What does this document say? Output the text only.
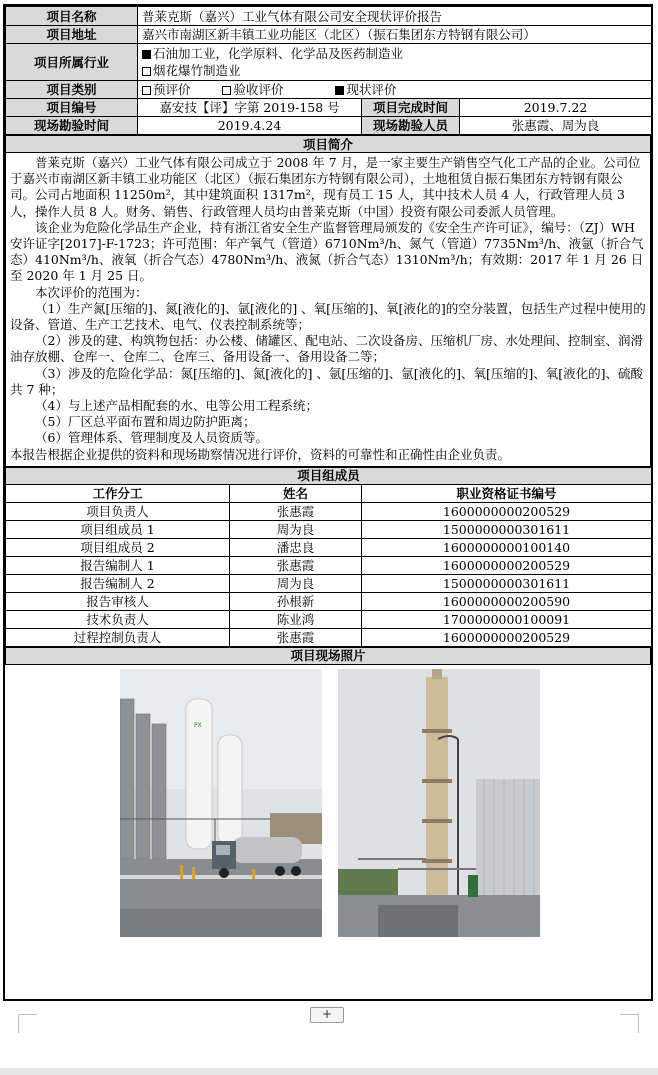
项目名称	普莱克斯（嘉兴）工业气体有限公司安全现状评价报告		
项目地址	嘉兴市南湖区新丰镇工业功能区（北区）（振石集团东方特钢有限公司）		
项目所属行业	石油加工业，化学原料、化学品及医药制造业
烟花爆竹制造业		

项目类别	预评价 验收评价 现状评价		
项目编号	嘉安技【评】字第 2019-158 号	项目完成时间	2019.7.22
现场勘验时间	2019.4.24	现场勘验人员	张惠霞、周为良
项目简介

普莱克斯（嘉兴）工业气体有限公司成立于 2008 年 7 月，是一家主要生产销售空气化工产品的企业。公司位于嘉兴市南湖区新丰镇工业功能区（北区）（振石集团东方特钢有限公司），土地租赁自振石集团东方特钢有限公司。公司占地面积 11250m²，其中建筑面积 1317m²，现有员工 15 人，其中技术人员 4 人，行政管理人员 3 人，操作人员 8 人。财务、销售、行政管理人员均由普莱克斯（中国）投资有限公司委派人员管理。

该企业为危险化学品生产企业，持有浙江省安全生产监督管理局颁发的《安全生产许可证》，编号：（ZJ）WH 安许证字[2017]-F-1723；许可范围：年产氧气（管道）6710Nm³/h、氮气（管道）7735Nm³/h、液氩（折合气态）410Nm³/h、液氧（折合气态）4780Nm³/h、液氮（折合气态）1310Nm³/h；有效期：2017 年 1 月 26 日至 2020 年 1 月 25 日。

本次评价的范围为：

（1）生产氮[压缩的]、氮[液化的]、氩[液化的] 、氧[压缩的]、氧[液化的]的空分装置，包括生产过程中使用的设备、管道、生产工艺技术、电气、仪表控制系统等；

（2）涉及的建、构筑物包括：办公楼、储罐区、配电站、二次设备房、压缩机厂房、水处理间、控制室、润滑油存放棚、仓库一、仓库二、仓库三、备用设备一、备用设备二等；

（3）涉及的危险化学品：氮[压缩的]、氮[液化的] 、氩[压缩的]、氩[液化的]、氧[压缩的]、氧[液化的]、硫酸共 7 种；

（4）与上述产品相配套的水、电等公用工程系统；

（5）厂区总平面布置和周边防护距离；

（6）管理体系、管理制度及人员资质等。

本报告根据企业提供的资料和现场勘察情况进行评价，资料的可靠性和正确性由企业负责。

项目组成员		
工作分工	姓名	职业资格证书编号
项目负责人	张惠霞	1600000000200529
项目组成员 1	周为良	1500000000301611
项目组成员 2	潘忠良	1600000000100140
报告编制人 1	张惠霞	1600000000200529
报告编制人 2	周为良	1500000000301611
报告审核人	孙根新	1600000000200590
技术负责人	陈业鸿	1700000000100091
过程控制负责人	张惠霞	1600000000200529
项目现场照片

PX
+
